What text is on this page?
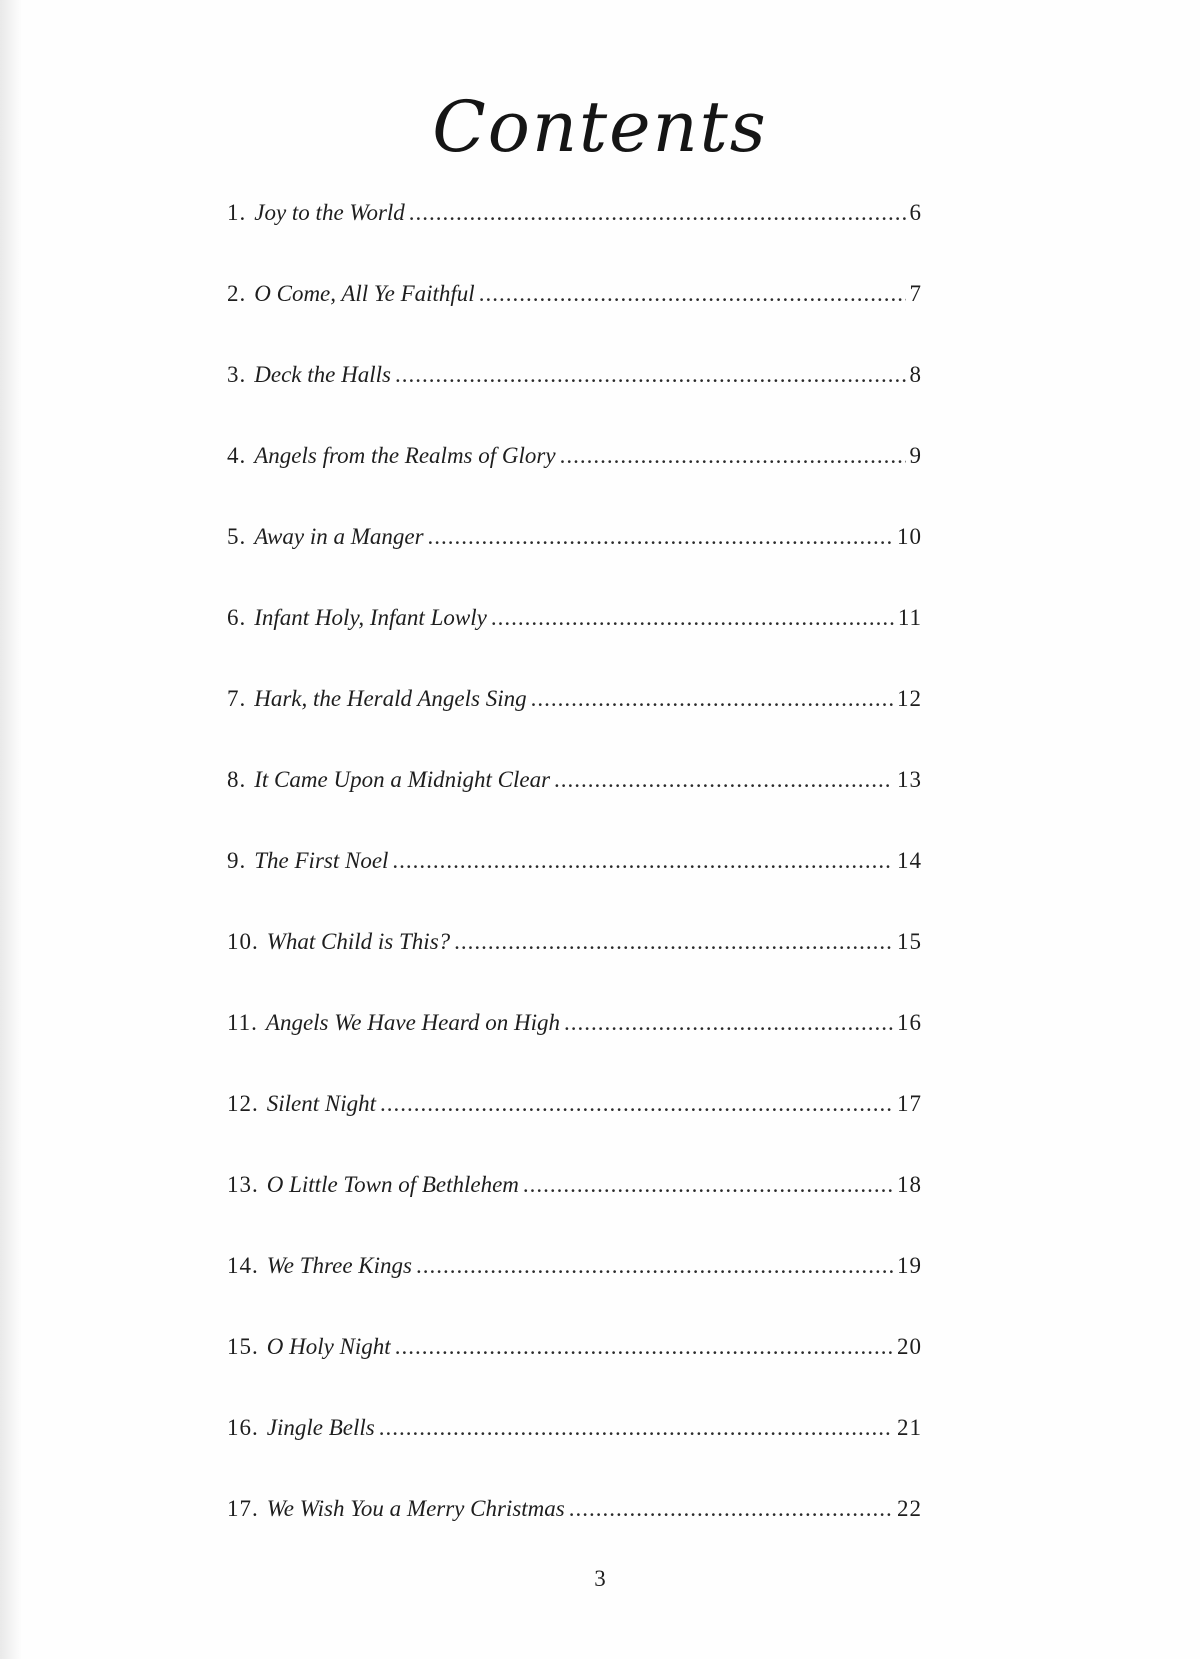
Contents
1. Joy to the World .....	6
2. O Come, All Ye Faithful .....	7
3. Deck the Halls .....	8
4. Angels from the Realms of Glory .....	9
5. Away in a Manger .....	10
6. Infant Holy, Infant Lowly .....	11
7. Hark, the Herald Angels Sing .....	12
8. It Came Upon a Midnight Clear .....	13
9. The First Noel .....	14
10. What Child is This? .....	15
11. Angels We Have Heard on High .....	16
12. Silent Night .....	17
13. O Little Town of Bethlehem .....	18
14. We Three Kings .....	19
15. O Holy Night .....	20
16. Jingle Bells .....	21
17. We Wish You a Merry Christmas .....	22
3
